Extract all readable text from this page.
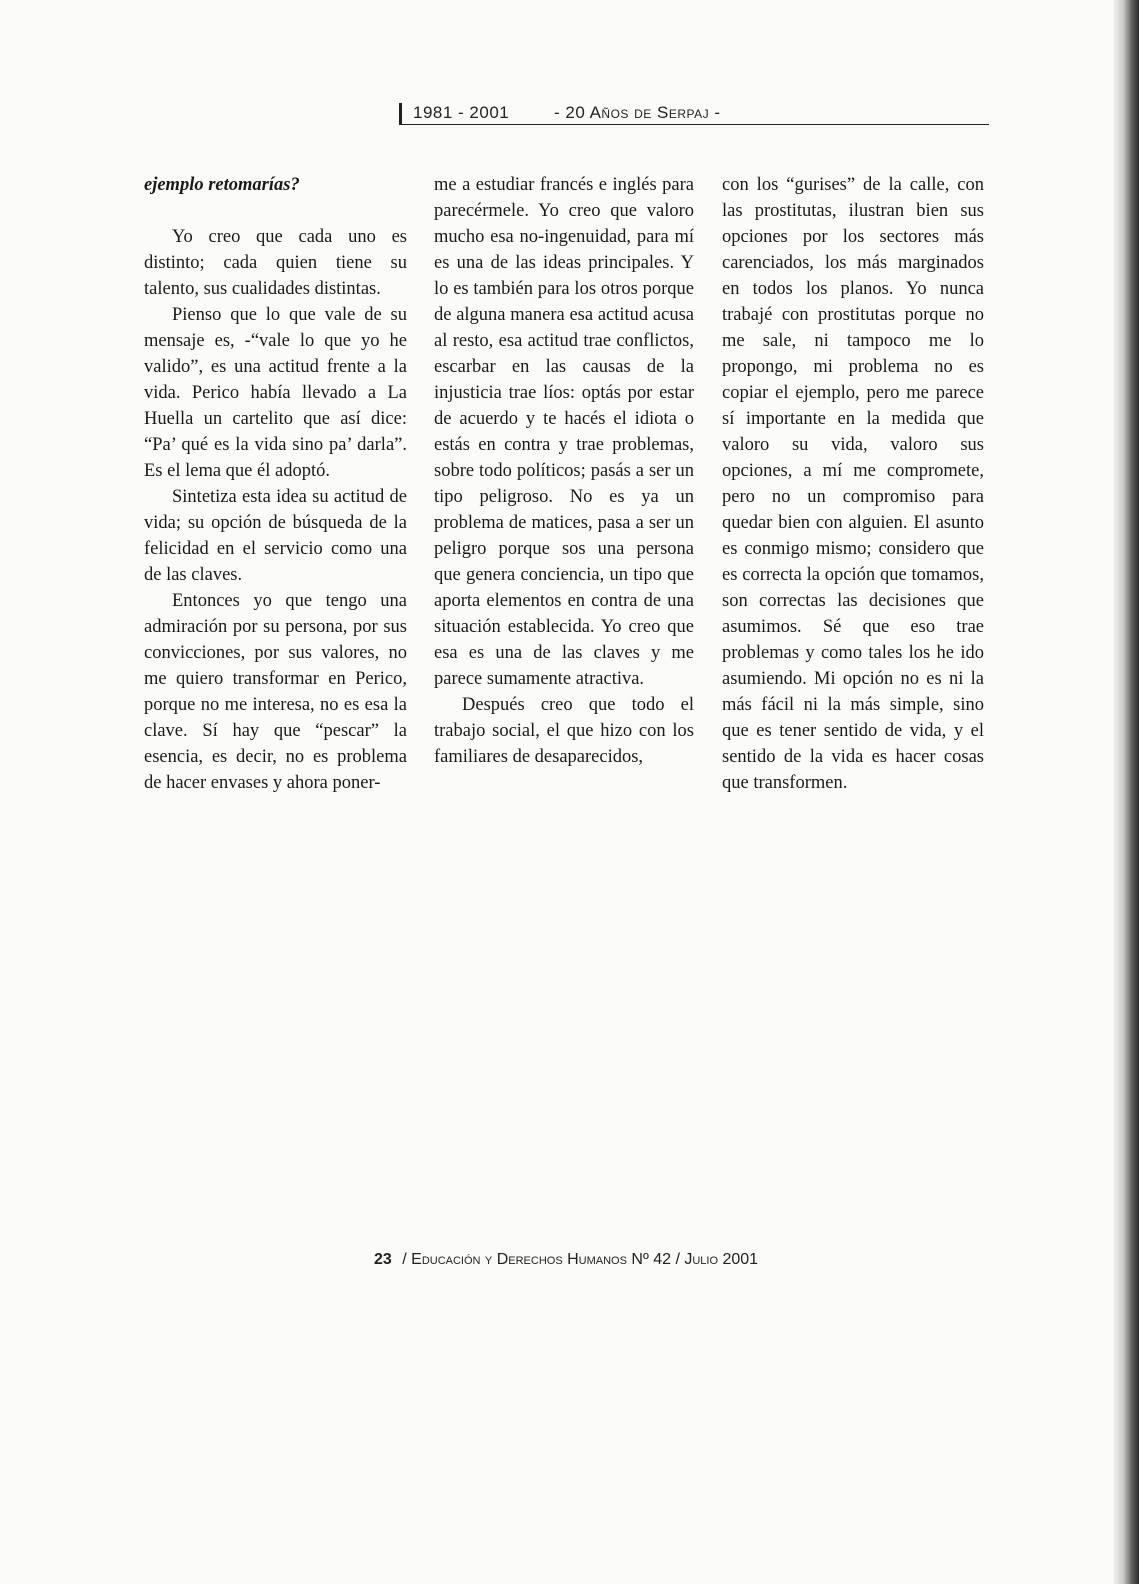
1981 - 2001	- 20 Años de Serpaj -

ejemplo retomarías?

Yo creo que cada uno es distinto; cada quien tiene su talento, sus cualidades distintas.

Pienso que lo que vale de su mensaje es, -“vale lo que yo he validoˮ, es una actitud frente a la vida. Perico había llevado a La Huella un cartelito que así dice: “Pa’ qué es la vida sino pa’ darlaˮ. Es el lema que él adoptó.

Sintetiza esta idea su actitud de vida; su opción de búsqueda de la felicidad en el servicio como una de las claves.

Entonces yo que tengo una admiración por su persona, por sus convicciones, por sus valores, no me quiero transformar en Perico, porque no me interesa, no es esa la clave. Sí hay que “pescarˮ la esencia, es decir, no es problema de hacer envases y ahora poner-

me a estudiar francés e inglés para parecérmele. Yo creo que valoro mucho esa no-ingenuidad, para mí es una de las ideas principales. Y lo es también para los otros porque de alguna manera esa actitud acusa al resto, esa actitud trae conflictos, escarbar en las causas de la injusticia trae líos: optás por estar de acuerdo y te hacés el idiota o estás en contra y trae problemas, sobre todo políticos; pasás a ser un tipo peligroso. No es ya un problema de matices, pasa a ser un peligro porque sos una persona que genera conciencia, un tipo que aporta elementos en contra de una situación establecida. Yo creo que esa es una de las claves y me parece sumamente atractiva.

Después creo que todo el trabajo social, el que hizo con los familiares de desaparecidos,

con los “gurisesˮ de la calle, con las prostitutas, ilustran bien sus opciones por los sectores más carenciados, los más marginados en todos los planos. Yo nunca trabajé con prostitutas porque no me sale, ni tampoco me lo propongo, mi problema no es copiar el ejemplo, pero me parece sí importante en la medida que valoro su vida, valoro sus opciones, a mí me compromete, pero no un compromiso para quedar bien con alguien. El asunto es conmigo mismo; considero que es correcta la opción que tomamos, son correctas las decisiones que asumimos. Sé que eso trae problemas y como tales los he ido asumiendo. Mi opción no es ni la más fácil ni la más simple, sino que es tener sentido de vida, y el sentido de la vida es hacer cosas que transformen.

23 / Educación y Derechos Humanos Nº 42 / Julio 2001
